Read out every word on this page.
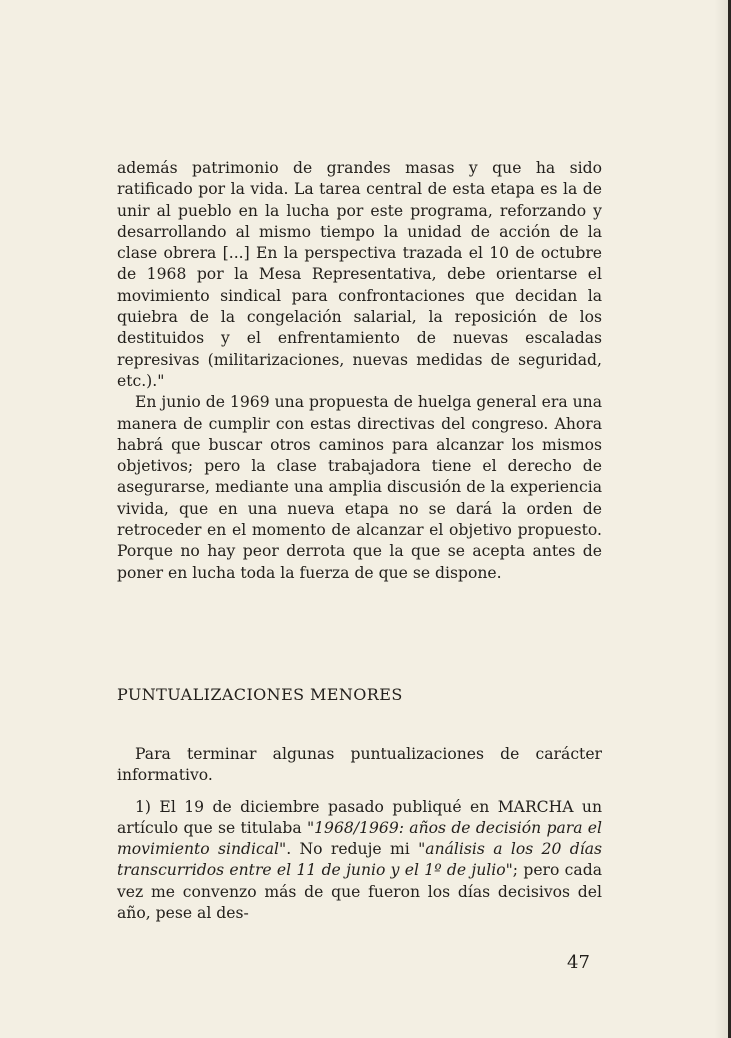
además patrimonio de grandes masas y que ha sido ratificado por la vida. La tarea central de esta etapa es la de unir al pueblo en la lucha por este programa, reforzando y desarrollando al mismo tiempo la unidad de acción de la clase obrera [...] En la perspectiva trazada el 10 de octubre de 1968 por la Mesa Representativa, debe orientarse el movimiento sindical para confrontaciones que decidan la quiebra de la congelación salarial, la reposición de los destituidos y el enfrentamiento de nuevas escaladas represivas (militarizaciones, nuevas medidas de seguridad, etc.)."

En junio de 1969 una propuesta de huelga general era una manera de cumplir con estas directivas del congreso. Ahora habrá que buscar otros caminos para alcanzar los mismos objetivos; pero la clase trabajadora tiene el derecho de asegurarse, mediante una amplia discusión de la experiencia vivida, que en una nueva etapa no se dará la orden de retroceder en el momento de alcanzar el objetivo propuesto. Porque no hay peor derrota que la que se acepta antes de poner en lucha toda la fuerza de que se dispone.

PUNTUALIZACIONES MENORES

Para terminar algunas puntualizaciones de carácter informativo.

1) El 19 de diciembre pasado publiqué en MARCHA un artículo que se titulaba "1968/1969: años de decisión para el movimiento sindical". No reduje mi "análisis a los 20 días transcurridos entre el 11 de junio y el 1º de julio"; pero cada vez me convenzo más de que fueron los días decisivos del año, pese al des-

47
